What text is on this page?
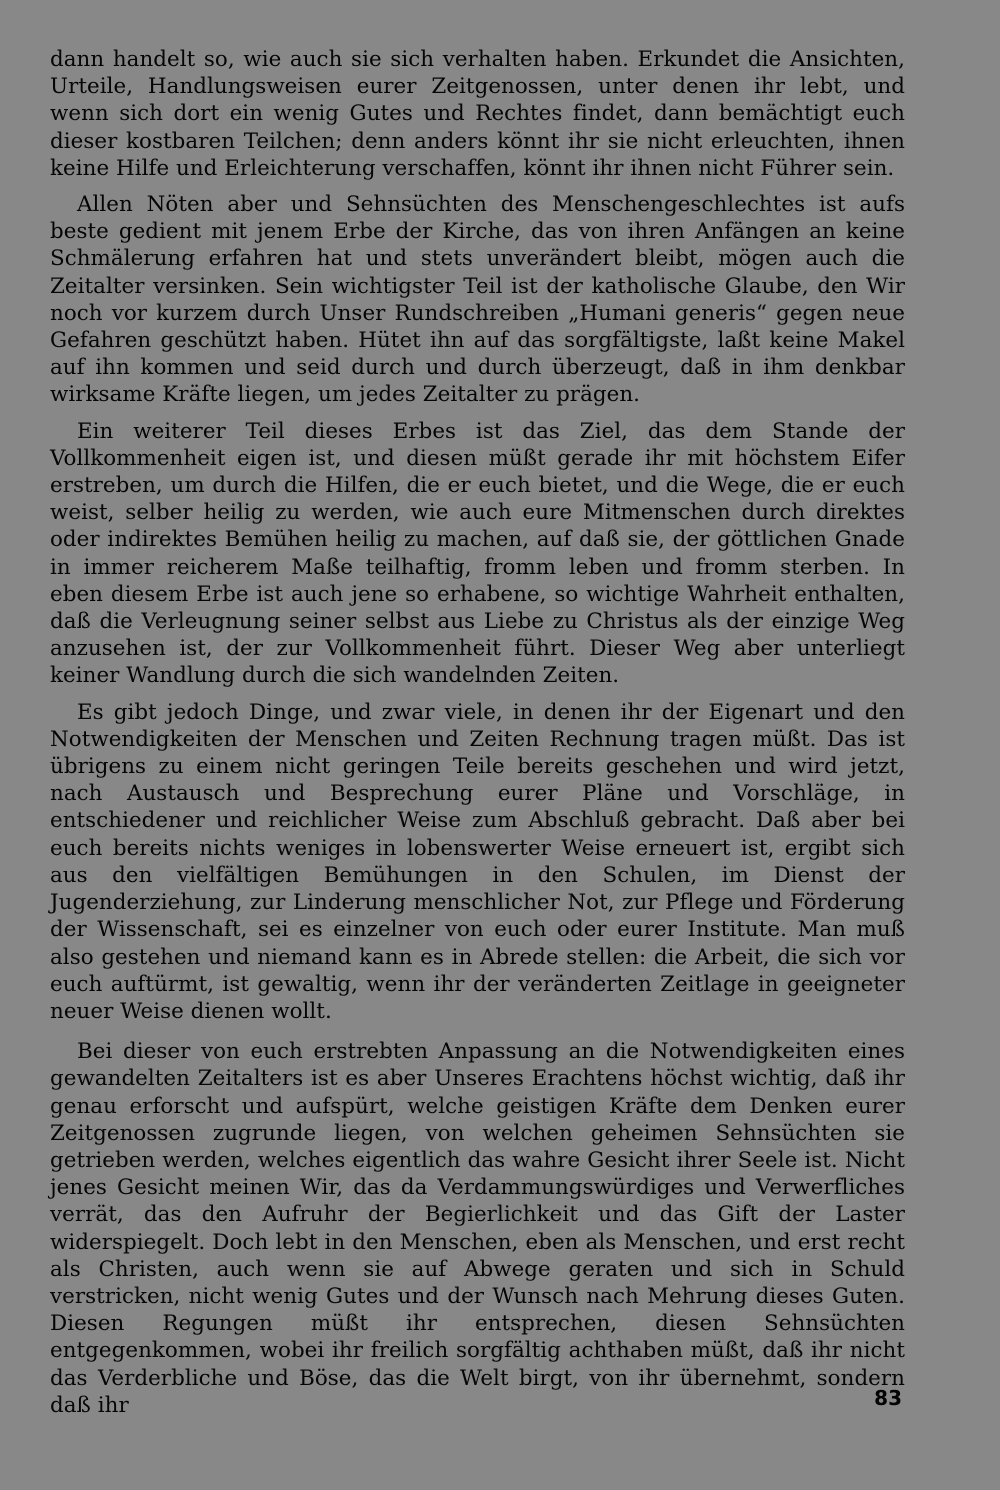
dann handelt so, wie auch sie sich verhalten haben. Erkundet die Ansichten, Urteile, Handlungsweisen eurer Zeitgenossen, unter denen ihr lebt, und wenn sich dort ein wenig Gutes und Rechtes findet, dann bemächtigt euch dieser kostbaren Teilchen; denn anders könnt ihr sie nicht erleuchten, ihnen keine Hilfe und Erleichterung verschaffen, könnt ihr ihnen nicht Führer sein.

Allen Nöten aber und Sehnsüchten des Menschengeschlechtes ist aufs beste gedient mit jenem Erbe der Kirche, das von ihren Anfängen an keine Schmälerung erfahren hat und stets unverändert bleibt, mögen auch die Zeitalter versinken. Sein wichtigster Teil ist der katholische Glaube, den Wir noch vor kurzem durch Unser Rundschreiben „Humani generis“ gegen neue Gefahren geschützt haben. Hütet ihn auf das sorgfältigste, laßt keine Makel auf ihn kommen und seid durch und durch überzeugt, daß in ihm denkbar wirksame Kräfte liegen, um jedes Zeitalter zu prägen.

Ein weiterer Teil dieses Erbes ist das Ziel, das dem Stande der Vollkommenheit eigen ist, und diesen müßt gerade ihr mit höchstem Eifer erstreben, um durch die Hilfen, die er euch bietet, und die Wege, die er euch weist, selber heilig zu werden, wie auch eure Mitmenschen durch direktes oder indirektes Bemühen heilig zu machen, auf daß sie, der göttlichen Gnade in immer reicherem Maße teilhaftig, fromm leben und fromm sterben. In eben diesem Erbe ist auch jene so erhabene, so wichtige Wahrheit enthalten, daß die Verleugnung seiner selbst aus Liebe zu Christus als der einzige Weg anzusehen ist, der zur Vollkommenheit führt. Dieser Weg aber unterliegt keiner Wandlung durch die sich wandelnden Zeiten.

Es gibt jedoch Dinge, und zwar viele, in denen ihr der Eigenart und den Notwendigkeiten der Menschen und Zeiten Rechnung tragen müßt. Das ist übrigens zu einem nicht geringen Teile bereits geschehen und wird jetzt, nach Austausch und Besprechung eurer Pläne und Vorschläge, in entschiedener und reichlicher Weise zum Abschluß gebracht. Daß aber bei euch bereits nichts weniges in lobenswerter Weise erneuert ist, ergibt sich aus den vielfältigen Bemühungen in den Schulen, im Dienst der Jugenderziehung, zur Linderung menschlicher Not, zur Pflege und Förderung der Wissenschaft, sei es einzelner von euch oder eurer Institute. Man muß also gestehen und niemand kann es in Abrede stellen: die Arbeit, die sich vor euch auftürmt, ist gewaltig, wenn ihr der veränderten Zeitlage in geeigneter neuer Weise dienen wollt.

Bei dieser von euch erstrebten Anpassung an die Notwendigkeiten eines gewandelten Zeitalters ist es aber Unseres Erachtens höchst wichtig, daß ihr genau erforscht und aufspürt, welche geistigen Kräfte dem Denken eurer Zeitgenossen zugrunde liegen, von welchen geheimen Sehnsüchten sie getrieben werden, welches eigentlich das wahre Gesicht ihrer Seele ist. Nicht jenes Gesicht meinen Wir, das da Verdammungswürdiges und Verwerfliches verrät, das den Aufruhr der Begierlichkeit und das Gift der Laster widerspiegelt. Doch lebt in den Menschen, eben als Menschen, und erst recht als Christen, auch wenn sie auf Abwege geraten und sich in Schuld verstricken, nicht wenig Gutes und der Wunsch nach Mehrung dieses Guten. Diesen Regungen müßt ihr entsprechen, diesen Sehnsüchten entgegenkommen, wobei ihr freilich sorgfältig achthaben müßt, daß ihr nicht das Verderbliche und Böse, das die Welt birgt, von ihr übernehmt, sondern daß ihr	83
